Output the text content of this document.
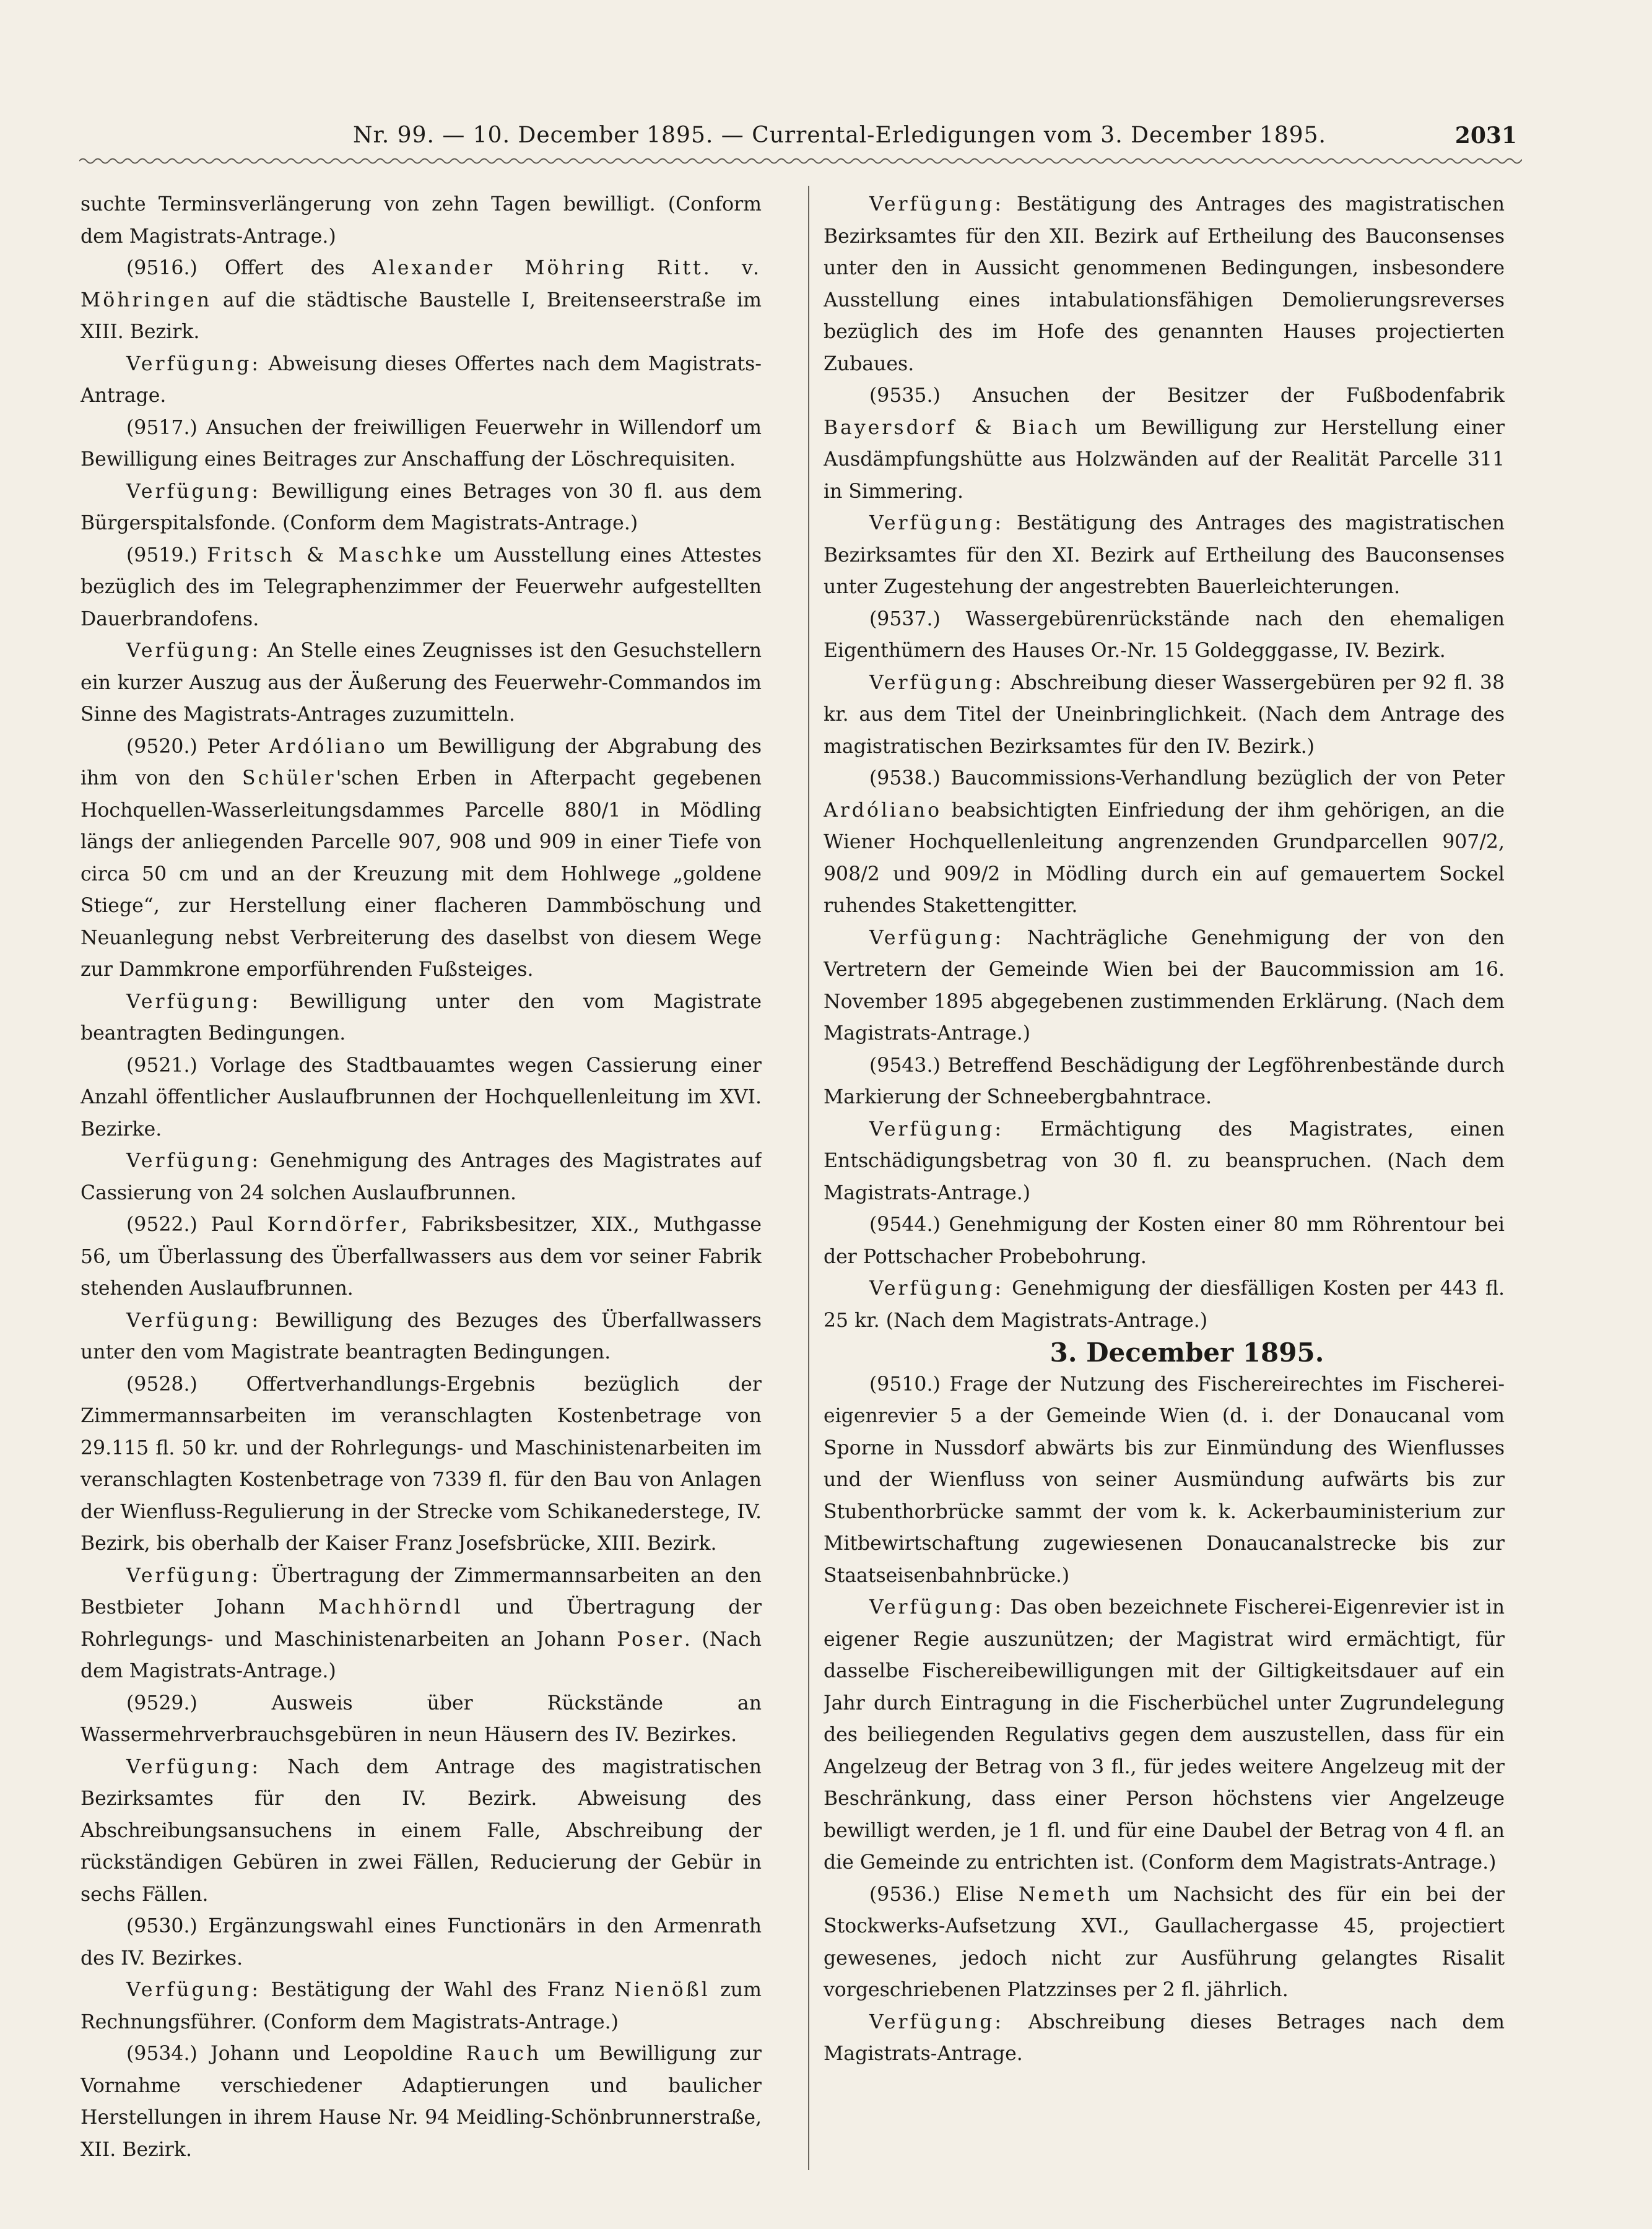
Nr. 99. — 10. December 1895. — Currental-Erledigungen vom 3. December 1895.	2031

suchte Terminsverlängerung von zehn Tagen bewilligt. (Conform dem Magistrats-Antrage.)

(9516.) Offert des Alexander Möhring Ritt. v. Möhringen auf die städtische Baustelle I, Breitenseerstraße im XIII. Bezirk.

Verfügung: Abweisung dieses Offertes nach dem Magistrats-Antrage.

(9517.) Ansuchen der freiwilligen Feuerwehr in Willendorf um Bewilligung eines Beitrages zur Anschaffung der Löschrequisiten.

Verfügung: Bewilligung eines Betrages von 30 fl. aus dem Bürgerspitalsfonde. (Conform dem Magistrats-Antrage.)

(9519.) Fritsch & Maschke um Ausstellung eines Attestes bezüglich des im Telegraphenzimmer der Feuerwehr aufgestellten Dauerbrandofens.

Verfügung: An Stelle eines Zeugnisses ist den Gesuchstellern ein kurzer Auszug aus der Äußerung des Feuerwehr-Commandos im Sinne des Magistrats-Antrages zuzumitteln.

(9520.) Peter Ardóliano um Bewilligung der Abgrabung des ihm von den Schüler'schen Erben in Afterpacht gegebenen Hochquellen-Wasserleitungsdammes Parcelle 880/1 in Mödling längs der anliegenden Parcelle 907, 908 und 909 in einer Tiefe von circa 50 cm und an der Kreuzung mit dem Hohlwege „goldene Stiege“, zur Herstellung einer flacheren Dammböschung und Neuanlegung nebst Verbreiterung des daselbst von diesem Wege zur Dammkrone emporführenden Fußsteiges.

Verfügung: Bewilligung unter den vom Magistrate beantragten Bedingungen.

(9521.) Vorlage des Stadtbauamtes wegen Cassierung einer Anzahl öffentlicher Auslaufbrunnen der Hochquellenleitung im XVI. Bezirke.

Verfügung: Genehmigung des Antrages des Magistrates auf Cassierung von 24 solchen Auslaufbrunnen.

(9522.) Paul Korndörfer, Fabriksbesitzer, XIX., Muthgasse 56, um Überlassung des Überfallwassers aus dem vor seiner Fabrik stehenden Auslaufbrunnen.

Verfügung: Bewilligung des Bezuges des Überfallwassers unter den vom Magistrate beantragten Bedingungen.

(9528.) Offertverhandlungs-Ergebnis bezüglich der Zimmermannsarbeiten im veranschlagten Kostenbetrage von 29.115 fl. 50 kr. und der Rohrlegungs- und Maschinistenarbeiten im veranschlagten Kostenbetrage von 7339 fl. für den Bau von Anlagen der Wienfluss-Regulierung in der Strecke vom Schikanederstege, IV. Bezirk, bis oberhalb der Kaiser Franz Josefsbrücke, XIII. Bezirk.

Verfügung: Übertragung der Zimmermannsarbeiten an den Bestbieter Johann Machhörndl und Übertragung der Rohrlegungs- und Maschinistenarbeiten an Johann Poser. (Nach dem Magistrats-Antrage.)

(9529.) Ausweis über Rückstände an Wassermehrverbrauchsgebüren in neun Häusern des IV. Bezirkes.

Verfügung: Nach dem Antrage des magistratischen Bezirksamtes für den IV. Bezirk. Abweisung des Abschreibungsansuchens in einem Falle, Abschreibung der rückständigen Gebüren in zwei Fällen, Reducierung der Gebür in sechs Fällen.

(9530.) Ergänzungswahl eines Functionärs in den Armenrath des IV. Bezirkes.

Verfügung: Bestätigung der Wahl des Franz Nienößl zum Rechnungsführer. (Conform dem Magistrats-Antrage.)

(9534.) Johann und Leopoldine Rauch um Bewilligung zur Vornahme verschiedener Adaptierungen und baulicher Herstellungen in ihrem Hause Nr. 94 Meidling-Schönbrunnerstraße, XII. Bezirk.

Verfügung: Bestätigung des Antrages des magistratischen Bezirksamtes für den XII. Bezirk auf Ertheilung des Bauconsenses unter den in Aussicht genommenen Bedingungen, insbesondere Ausstellung eines intabulationsfähigen Demolierungsreverses bezüglich des im Hofe des genannten Hauses projectierten Zubaues.

(9535.) Ansuchen der Besitzer der Fußbodenfabrik Bayersdorf & Biach um Bewilligung zur Herstellung einer Ausdämpfungshütte aus Holzwänden auf der Realität Parcelle 311 in Simmering.

Verfügung: Bestätigung des Antrages des magistratischen Bezirksamtes für den XI. Bezirk auf Ertheilung des Bauconsenses unter Zugestehung der angestrebten Bauerleichterungen.

(9537.) Wassergebürenrückstände nach den ehemaligen Eigenthümern des Hauses Or.-Nr. 15 Goldegggasse, IV. Bezirk.

Verfügung: Abschreibung dieser Wassergebüren per 92 fl. 38 kr. aus dem Titel der Uneinbringlichkeit. (Nach dem Antrage des magistratischen Bezirksamtes für den IV. Bezirk.)

(9538.) Baucommissions-Verhandlung bezüglich der von Peter Ardóliano beabsichtigten Einfriedung der ihm gehörigen, an die Wiener Hochquellenleitung angrenzenden Grundparcellen 907/2, 908/2 und 909/2 in Mödling durch ein auf gemauertem Sockel ruhendes Stakettengitter.

Verfügung: Nachträgliche Genehmigung der von den Vertretern der Gemeinde Wien bei der Baucommission am 16. November 1895 abgegebenen zustimmenden Erklärung. (Nach dem Magistrats-Antrage.)

(9543.) Betreffend Beschädigung der Legföhrenbestände durch Markierung der Schneebergbahntrace.

Verfügung: Ermächtigung des Magistrates, einen Entschädigungsbetrag von 30 fl. zu beanspruchen. (Nach dem Magistrats-Antrage.)

(9544.) Genehmigung der Kosten einer 80 mm Röhrentour bei der Pottschacher Probebohrung.

Verfügung: Genehmigung der diesfälligen Kosten per 443 fl. 25 kr. (Nach dem Magistrats-Antrage.)

3. December 1895.

(9510.) Frage der Nutzung des Fischereirechtes im Fischerei-eigenrevier 5 a der Gemeinde Wien (d. i. der Donaucanal vom Sporne in Nussdorf abwärts bis zur Einmündung des Wienflusses und der Wienfluss von seiner Ausmündung aufwärts bis zur Stubenthorbrücke sammt der vom k. k. Ackerbauministerium zur Mitbewirtschaftung zugewiesenen Donaucanalstrecke bis zur Staatseisenbahnbrücke.)

Verfügung: Das oben bezeichnete Fischerei-Eigenrevier ist in eigener Regie auszunützen; der Magistrat wird ermächtigt, für dasselbe Fischereibewilligungen mit der Giltigkeitsdauer auf ein Jahr durch Eintragung in die Fischerbüchel unter Zugrundelegung des beiliegenden Regulativs gegen dem auszustellen, dass für ein Angelzeug der Betrag von 3 fl., für jedes weitere Angelzeug mit der Beschränkung, dass einer Person höchstens vier Angelzeuge bewilligt werden, je 1 fl. und für eine Daubel der Betrag von 4 fl. an die Gemeinde zu entrichten ist. (Conform dem Magistrats-Antrage.)

(9536.) Elise Nemeth um Nachsicht des für ein bei der Stockwerks-Aufsetzung XVI., Gaullachergasse 45, projectiert gewesenes, jedoch nicht zur Ausführung gelangtes Risalit vorgeschriebenen Platzzinses per 2 fl. jährlich.

Verfügung: Abschreibung dieses Betrages nach dem Magistrats-Antrage.
